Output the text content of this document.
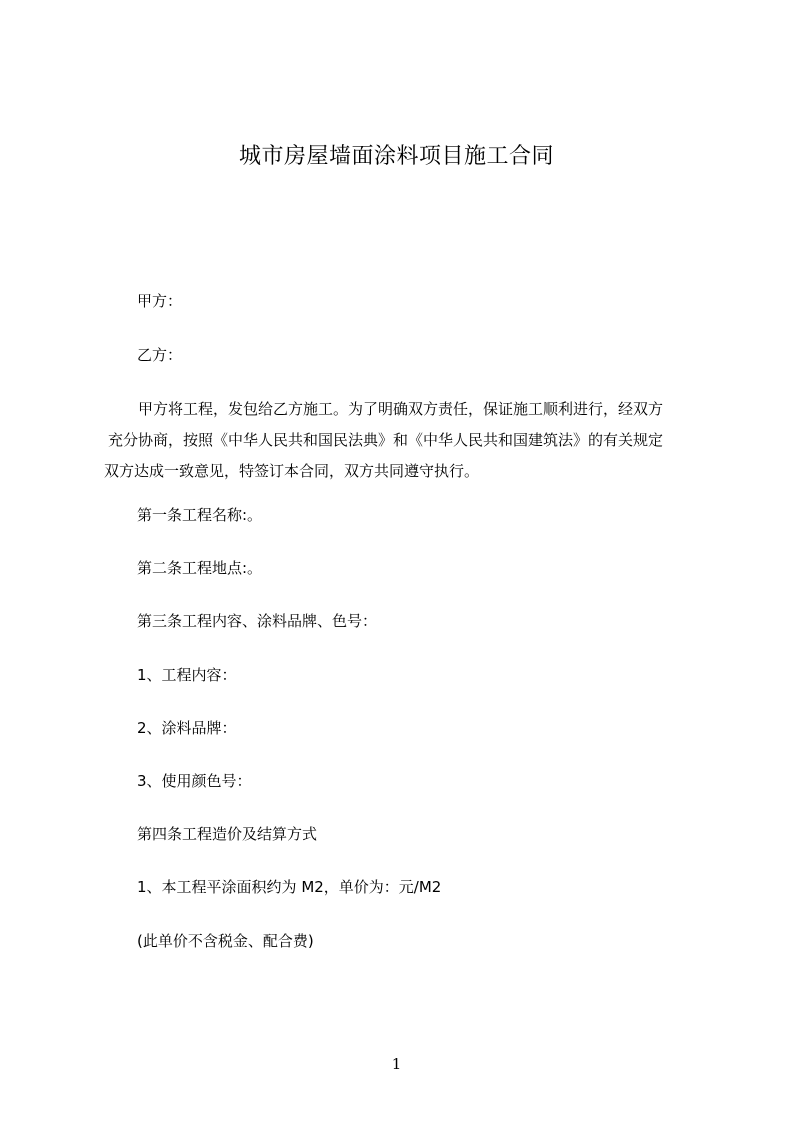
城市房屋墙面涂料项目施工合同
甲方：
乙方：
甲方将工程，发包给乙方施工。为了明确双方责任，保证施工顺利进行，经双方
充分协商，按照《中华人民共和国民法典》和《中华人民共和国建筑法》的有关规定
双方达成一致意见，特签订本合同，双方共同遵守执行。
第一条工程名称:。
第二条工程地点:。
第三条工程内容、涂料品牌、色号：
1、工程内容：
2、涂料品牌：
3、使用颜色号：
第四条工程造价及结算方式
1、本工程平涂面积约为 M2，单价为：元/M2
(此单价不含税金、配合费)
1
